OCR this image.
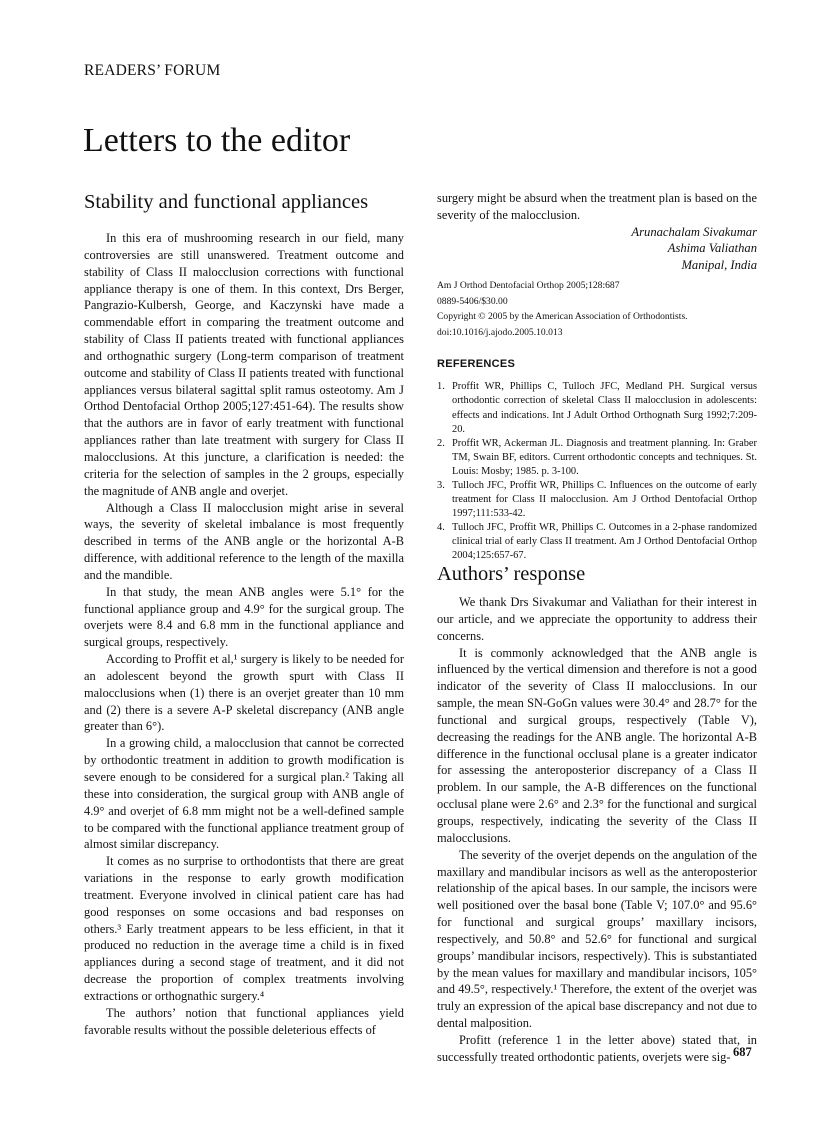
READERS’ FORUM
Letters to the editor
Stability and functional appliances

In this era of mushrooming research in our field, many controversies are still unanswered. Treatment outcome and stability of Class II malocclusion corrections with functional appliance therapy is one of them. In this context, Drs Berger, Pangrazio-Kulbersh, George, and Kaczynski have made a commendable effort in comparing the treatment outcome and stability of Class II patients treated with functional appliances and orthognathic surgery (Long-term comparison of treatment outcome and stability of Class II patients treated with functional appliances versus bilateral sagittal split ramus osteotomy. Am J Orthod Dentofacial Orthop 2005;127:451-64). The results show that the authors are in favor of early treatment with functional appliances rather than late treatment with surgery for Class II malocclusions. At this juncture, a clarification is needed: the criteria for the selection of samples in the 2 groups, especially the magnitude of ANB angle and overjet.

Although a Class II malocclusion might arise in several ways, the severity of skeletal imbalance is most frequently described in terms of the ANB angle or the horizontal A-B difference, with additional reference to the length of the maxilla and the mandible.

In that study, the mean ANB angles were 5.1° for the functional appliance group and 4.9° for the surgical group. The overjets were 8.4 and 6.8 mm in the functional appliance and surgical groups, respectively.

According to Proffit et al,¹ surgery is likely to be needed for an adolescent beyond the growth spurt with Class II malocclusions when (1) there is an overjet greater than 10 mm and (2) there is a severe A-P skeletal discrepancy (ANB angle greater than 6°).

In a growing child, a malocclusion that cannot be corrected by orthodontic treatment in addition to growth modification is severe enough to be considered for a surgical plan.² Taking all these into consideration, the surgical group with ANB angle of 4.9° and overjet of 6.8 mm might not be a well-defined sample to be compared with the functional appliance treatment group of almost similar discrepancy.

It comes as no surprise to orthodontists that there are great variations in the response to early growth modification treatment. Everyone involved in clinical patient care has had good responses on some occasions and bad responses on others.³ Early treatment appears to be less efficient, in that it produced no reduction in the average time a child is in fixed appliances during a second stage of treatment, and it did not decrease the proportion of complex treatments involving extractions or orthognathic surgery.⁴

The authors’ notion that functional appliances yield favorable results without the possible deleterious effects of

surgery might be absurd when the treatment plan is based on the severity of the malocclusion.

Arunachalam Sivakumar
Ashima Valiathan
Manipal, India
Am J Orthod Dentofacial Orthop 2005;128:687
0889-5406/$30.00
Copyright © 2005 by the American Association of Orthodontists.
doi:10.1016/j.ajodo.2005.10.013
REFERENCES
1. Proffit WR, Phillips C, Tulloch JFC, Medland PH. Surgical versus orthodontic correction of skeletal Class II malocclusion in adolescents: effects and indications. Int J Adult Orthod Orthognath Surg 1992;7:209-20.
2. Proffit WR, Ackerman JL. Diagnosis and treatment planning. In: Graber TM, Swain BF, editors. Current orthodontic concepts and techniques. St. Louis: Mosby; 1985. p. 3-100.
3. Tulloch JFC, Proffit WR, Phillips C. Influences on the outcome of early treatment for Class II malocclusion. Am J Orthod Dentofacial Orthop 1997;111:533-42.
4. Tulloch JFC, Proffit WR, Phillips C. Outcomes in a 2-phase randomized clinical trial of early Class II treatment. Am J Orthod Dentofacial Orthop 2004;125:657-67.
Authors’ response

We thank Drs Sivakumar and Valiathan for their interest in our article, and we appreciate the opportunity to address their concerns.

It is commonly acknowledged that the ANB angle is influenced by the vertical dimension and therefore is not a good indicator of the severity of Class II malocclusions. In our sample, the mean SN-GoGn values were 30.4° and 28.7° for the functional and surgical groups, respectively (Table V), decreasing the readings for the ANB angle. The horizontal A-B difference in the functional occlusal plane is a greater indicator for assessing the anteroposterior discrepancy of a Class II problem. In our sample, the A-B differences on the functional occlusal plane were 2.6° and 2.3° for the functional and surgical groups, respectively, indicating the severity of the Class II malocclusions.

The severity of the overjet depends on the angulation of the maxillary and mandibular incisors as well as the anteroposterior relationship of the apical bases. In our sample, the incisors were well positioned over the basal bone (Table V; 107.0° and 95.6° for functional and surgical groups’ maxillary incisors, respectively, and 50.8° and 52.6° for functional and surgical groups’ mandibular incisors, respectively). This is substantiated by the mean values for maxillary and mandibular incisors, 105° and 49.5°, respectively.¹ Therefore, the extent of the overjet was truly an expression of the apical base discrepancy and not due to dental malposition.

Profitt (reference 1 in the letter above) stated that, in successfully treated orthodontic patients, overjets were sig- 687
